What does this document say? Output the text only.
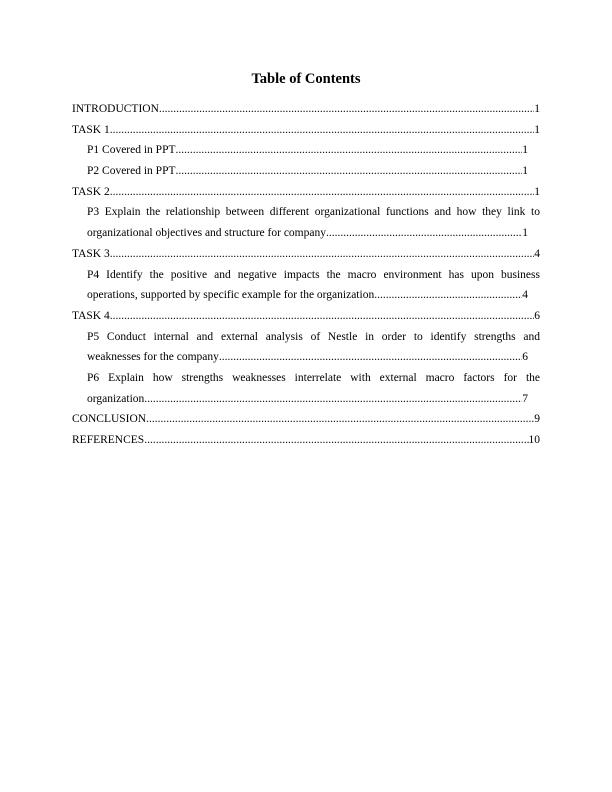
Table of Contents
INTRODUCTION .....	1
TASK 1 .....	1
P1 Covered in PPT .....	1
P2 Covered in PPT .....	1
TASK 2 .....	1
P3 Explain the relationship between different organizational functions and how they link to
organizational objectives and structure for company .....	1
TASK 3 .....	4
P4 Identify the positive and negative impacts the macro environment has upon business
operations, supported by specific example for the organization .....	4
TASK 4 .....	6
P5 Conduct internal and external analysis of Nestle in order to identify strengths and
weaknesses for the company .....	6
P6 Explain how strengths weaknesses interrelate with external macro factors for the
organization .....	7
CONCLUSION .....	9
REFERENCES .....	10
